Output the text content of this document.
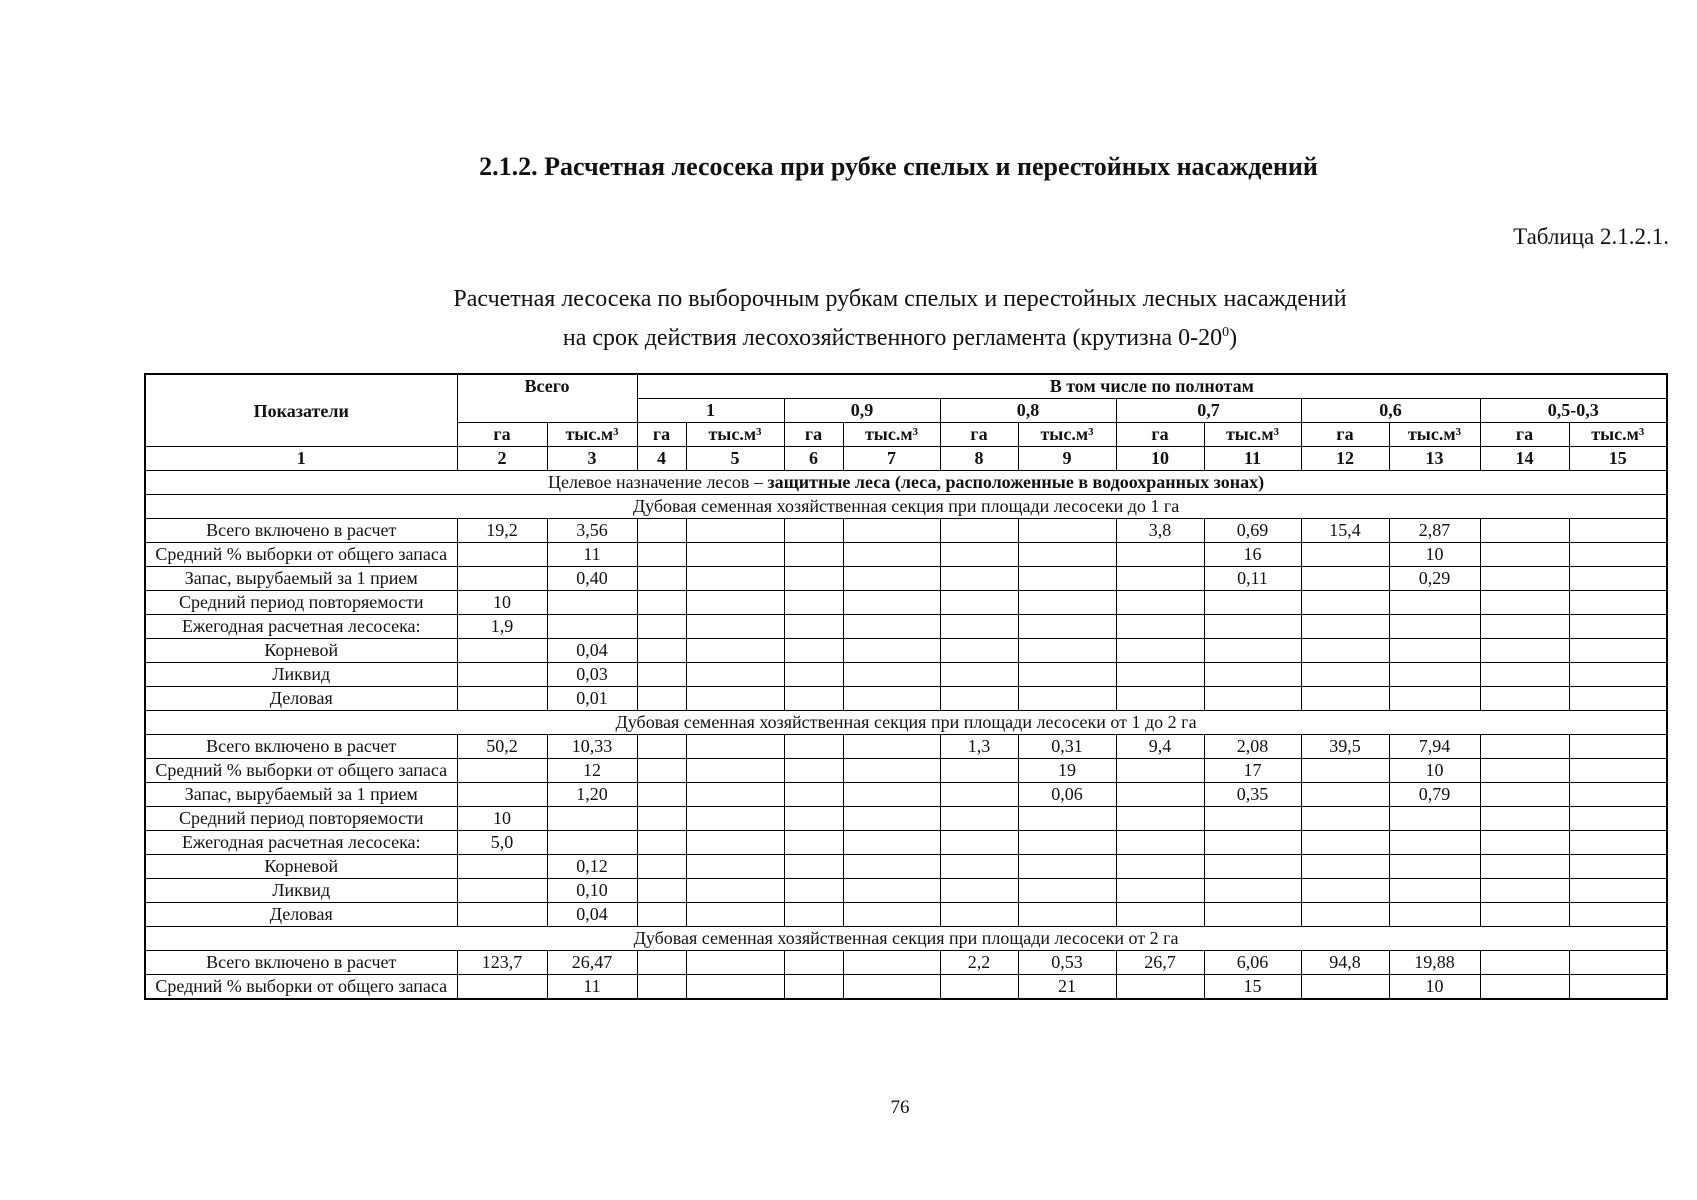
2.1.2. Расчетная лесосека при рубке спелых и перестойных насаждений
Таблица 2.1.2.1.
Расчетная лесосека по выборочным рубкам спелых и перестойных лесных насаждений
на срок действия лесохозяйственного регламента (крутизна $0-20^0$)
Показатели	Всего		В том числе по полнотам											
			1		0,9		0,8		0,7		0,6		0,5-0,3	
	га	тыс.м³	га	тыс.м³	га	тыс.м³	га	тыс.м³	га	тыс.м³	га	тыс.м³	га	тыс.м³
1	2	3	4	5	6	7	8	9	10	11	12	13	14	15
Целевое назначение лесов – защитные леса (леса, расположенные в водоохранных зонах)														
Дубовая семенная хозяйственная секция при площади лесосеки до 1 га														
Всего включено в расчет	19,2	3,56							3,8	0,69	15,4	2,87		
Средний % выборки от общего запаса		11								16		10		
Запас, вырубаемый за 1 прием		0,40								0,11		0,29		
Средний период повторяемости	10													
Ежегодная расчетная лесосека:	1,9													
Корневой		0,04												
Ликвид		0,03												
Деловая		0,01												
Дубовая семенная хозяйственная секция при площади лесосеки от 1 до 2 га														
Всего включено в расчет	50,2	10,33					1,3	0,31	9,4	2,08	39,5	7,94		
Средний % выборки от общего запаса		12						19		17		10		
Запас, вырубаемый за 1 прием		1,20						0,06		0,35		0,79		
Средний период повторяемости	10													
Ежегодная расчетная лесосека:	5,0													
Корневой		0,12												
Ликвид		0,10												
Деловая		0,04												
Дубовая семенная хозяйственная секция при площади лесосеки от 2 га														
Всего включено в расчет	123,7	26,47					2,2	0,53	26,7	6,06	94,8	19,88		
Средний % выборки от общего запаса		11						21		15		10		
76
